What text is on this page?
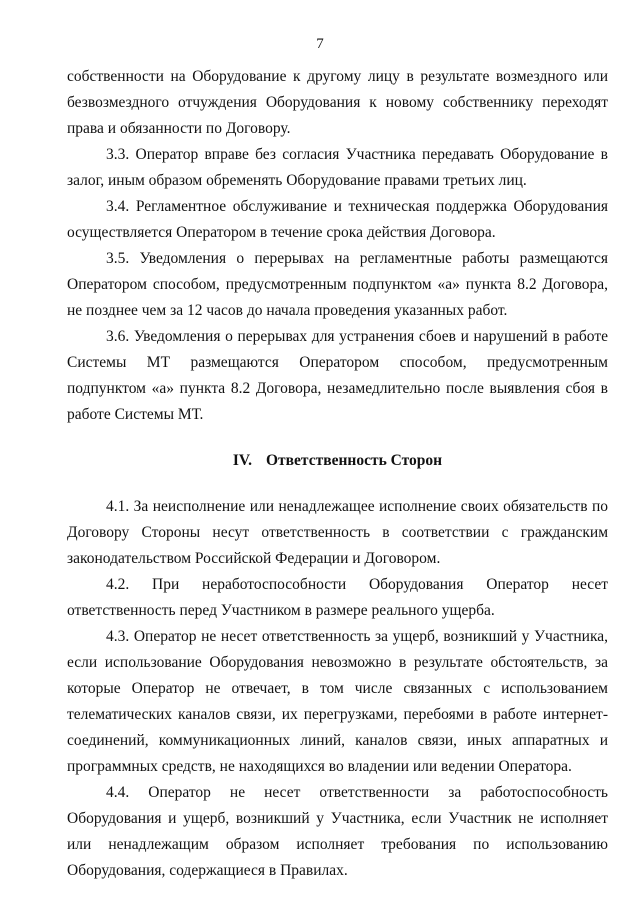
7

собственности на Оборудование к другому лицу в результате возмездного или безвозмездного отчуждения Оборудования к новому собственнику переходят права и обязанности по Договору.

3.3. Оператор вправе без согласия Участника передавать Оборудование в залог, иным образом обременять Оборудование правами третьих лиц.

3.4. Регламентное обслуживание и техническая поддержка Оборудования осуществляется Оператором в течение срока действия Договора.

3.5. Уведомления о перерывах на регламентные работы размещаются Оператором способом, предусмотренным подпунктом «а» пункта 8.2 Договора, не позднее чем за 12 часов до начала проведения указанных работ.

3.6. Уведомления о перерывах для устранения сбоев и нарушений в работе Системы МТ размещаются Оператором способом, предусмотренным подпунктом «а» пункта 8.2 Договора, незамедлительно после выявления сбоя в работе Системы МТ.

IV. Ответственность Сторон

4.1. За неисполнение или ненадлежащее исполнение своих обязательств по Договору Стороны несут ответственность в соответствии с гражданским законодательством Российской Федерации и Договором.

4.2. При неработоспособности Оборудования Оператор несет ответственность перед Участником в размере реального ущерба.

4.3. Оператор не несет ответственность за ущерб, возникший у Участника, если использование Оборудования невозможно в результате обстоятельств, за которые Оператор не отвечает, в том числе связанных с использованием телематических каналов связи, их перегрузками, перебоями в работе интернет-соединений, коммуникационных линий, каналов связи, иных аппаратных и программных средств, не находящихся во владении или ведении Оператора.

4.4. Оператор не несет ответственности за работоспособность Оборудования и ущерб, возникший у Участника, если Участник не исполняет или ненадлежащим образом исполняет требования по использованию Оборудования, содержащиеся в Правилах.
